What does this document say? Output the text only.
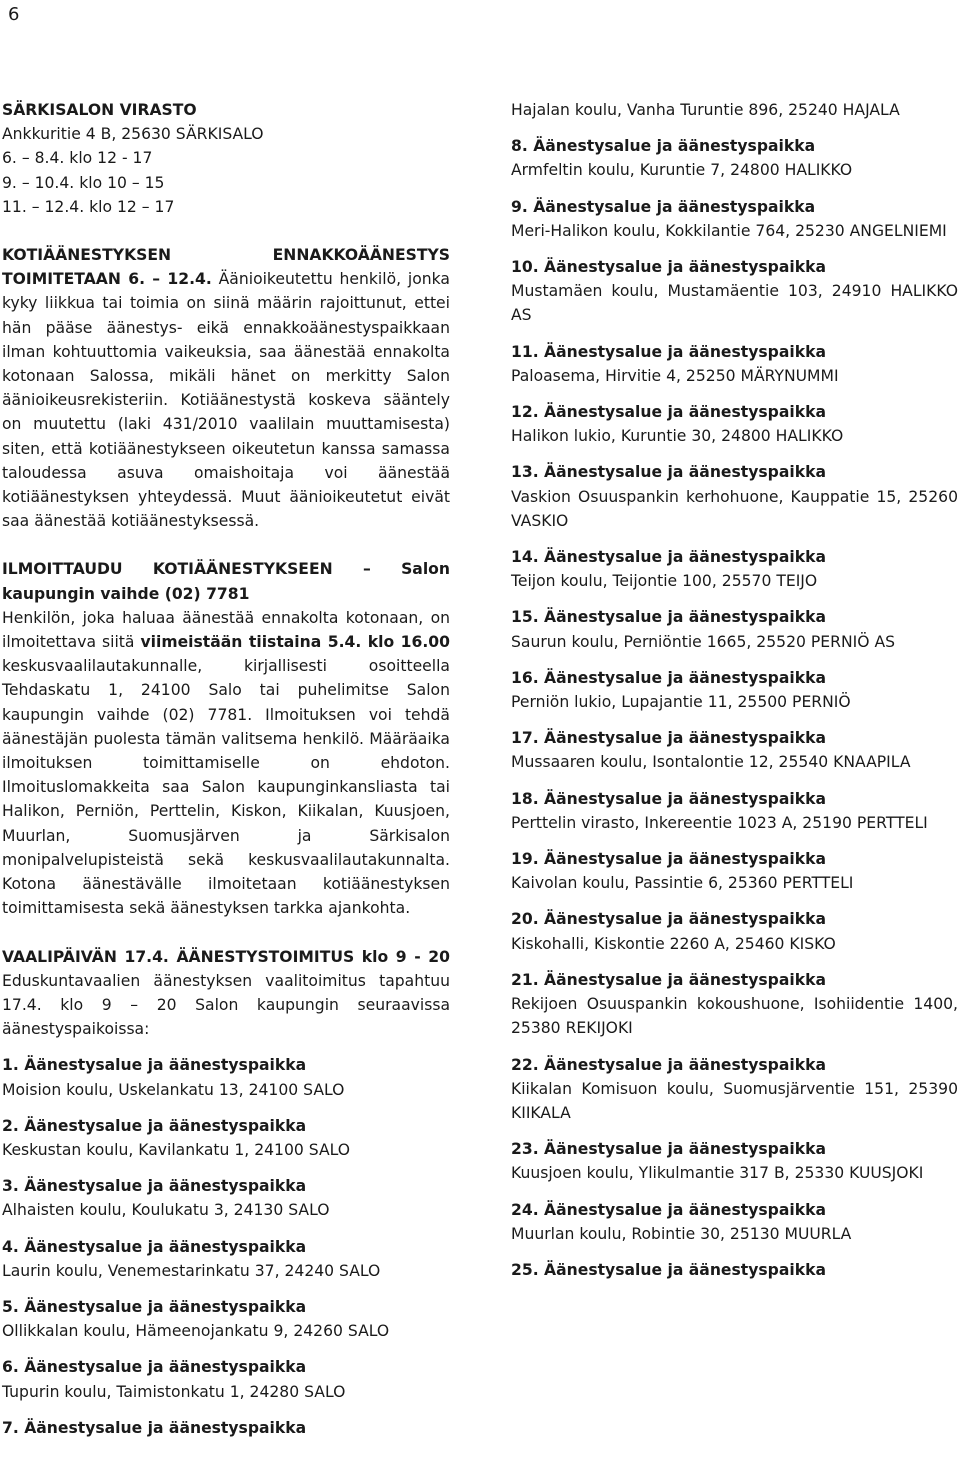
6

SÄRKISALON VIRASTO

Ankkuritie 4 B, 25630 SÄRKISALO

6. – 8.4. klo 12 - 17

9. – 10.4. klo 10 – 15

11. – 12.4. klo 12 – 17

KOTIÄÄNESTYKSEN ENNAKKOÄÄNESTYS TOIMITETAAN 6. – 12.4. Äänioikeutettu henkilö, jonka kyky liikkua tai toimia on siinä määrin rajoittunut, ettei hän pääse äänestys- eikä ennakkoäänestyspaikkaan ilman kohtuuttomia vaikeuksia, saa äänestää ennakolta kotonaan Salossa, mikäli hänet on merkitty Salon äänioikeusrekisteriin. Kotiäänestystä koskeva sääntely on muutettu (laki 431/2010 vaalilain muuttamisesta) siten, että kotiäänestykseen oikeutetun kanssa samassa taloudessa asuva omaishoitaja voi äänestää kotiäänestyksen yhteydessä. Muut äänioikeutetut eivät saa äänestää kotiäänestyksessä.

ILMOITTAUDU KOTIÄÄNESTYKSEEN – Salon kaupungin vaihde (02) 7781

Henkilön, joka haluaa äänestää ennakolta kotonaan, on ilmoitettava siitä viimeistään tiistaina 5.4. klo 16.00 keskusvaalilautakunnalle, kirjallisesti osoitteella Tehdaskatu 1, 24100 Salo tai puhelimitse Salon kaupungin vaihde (02) 7781. Ilmoituksen voi tehdä äänestäjän puolesta tämän valitsema henkilö. Määräaika ilmoituksen toimittamiselle on ehdoton. Ilmoituslomakkeita saa Salon kaupunginkansliasta tai Halikon, Perniön, Perttelin, Kiskon, Kiikalan, Kuusjoen, Muurlan, Suomusjärven ja Särkisalon monipalvelupisteistä sekä keskusvaalilautakunnalta. Kotona äänestävälle ilmoitetaan kotiäänestyksen toimittamisesta sekä äänestyksen tarkka ajankohta.

VAALIPÄIVÄN 17.4. ÄÄNESTYSTOIMITUS klo 9 - 20 Eduskuntavaalien äänestyksen vaalitoimitus tapahtuu 17.4. klo 9 – 20 Salon kaupungin seuraavissa äänestyspaikoissa:

1. Äänestysalue ja äänestyspaikka

Moision koulu, Uskelankatu 13, 24100 SALO

2. Äänestysalue ja äänestyspaikka

Keskustan koulu, Kavilankatu 1, 24100 SALO

3. Äänestysalue ja äänestyspaikka

Alhaisten koulu, Koulukatu 3, 24130 SALO

4. Äänestysalue ja äänestyspaikka

Laurin koulu, Venemestarinkatu 37, 24240 SALO

5. Äänestysalue ja äänestyspaikka

Ollikkalan koulu, Hämeenojankatu 9, 24260 SALO

6. Äänestysalue ja äänestyspaikka

Tupurin koulu, Taimistonkatu 1, 24280 SALO

7. Äänestysalue ja äänestyspaikka

Hajalan koulu, Vanha Turuntie 896, 25240 HAJALA

8. Äänestysalue ja äänestyspaikka

Armfeltin koulu, Kuruntie 7, 24800 HALIKKO

9. Äänestysalue ja äänestyspaikka

Meri-Halikon koulu, Kokkilantie 764, 25230 ANGELNIEMI

10. Äänestysalue ja äänestyspaikka

Mustamäen koulu, Mustamäentie 103, 24910 HALIKKO AS

11. Äänestysalue ja äänestyspaikka

Paloasema, Hirvitie 4, 25250 MÄRYNUMMI

12. Äänestysalue ja äänestyspaikka

Halikon lukio, Kuruntie 30, 24800 HALIKKO

13. Äänestysalue ja äänestyspaikka

Vaskion Osuuspankin kerhohuone, Kauppatie 15, 25260 VASKIO

14. Äänestysalue ja äänestyspaikka

Teijon koulu, Teijontie 100, 25570 TEIJO

15. Äänestysalue ja äänestyspaikka

Saurun koulu, Perniöntie 1665, 25520 PERNIÖ AS

16. Äänestysalue ja äänestyspaikka

Perniön lukio, Lupajantie 11, 25500 PERNIÖ

17. Äänestysalue ja äänestyspaikka

Mussaaren koulu, Isontalontie 12, 25540 KNAAPILA

18. Äänestysalue ja äänestyspaikka

Perttelin virasto, Inkereentie 1023 A, 25190 PERTTELI

19. Äänestysalue ja äänestyspaikka

Kaivolan koulu, Passintie 6, 25360 PERTTELI

20. Äänestysalue ja äänestyspaikka

Kiskohalli, Kiskontie 2260 A, 25460 KISKO

21. Äänestysalue ja äänestyspaikka

Rekijoen Osuuspankin kokoushuone, Isohiidentie 1400, 25380 REKIJOKI

22. Äänestysalue ja äänestyspaikka

Kiikalan Komisuon koulu, Suomusjärventie 151, 25390 KIIKALA

23. Äänestysalue ja äänestyspaikka

Kuusjoen koulu, Ylikulmantie 317 B, 25330 KUUSJOKI

24. Äänestysalue ja äänestyspaikka

Muurlan koulu, Robintie 30, 25130 MUURLA

25. Äänestysalue ja äänestyspaikka
